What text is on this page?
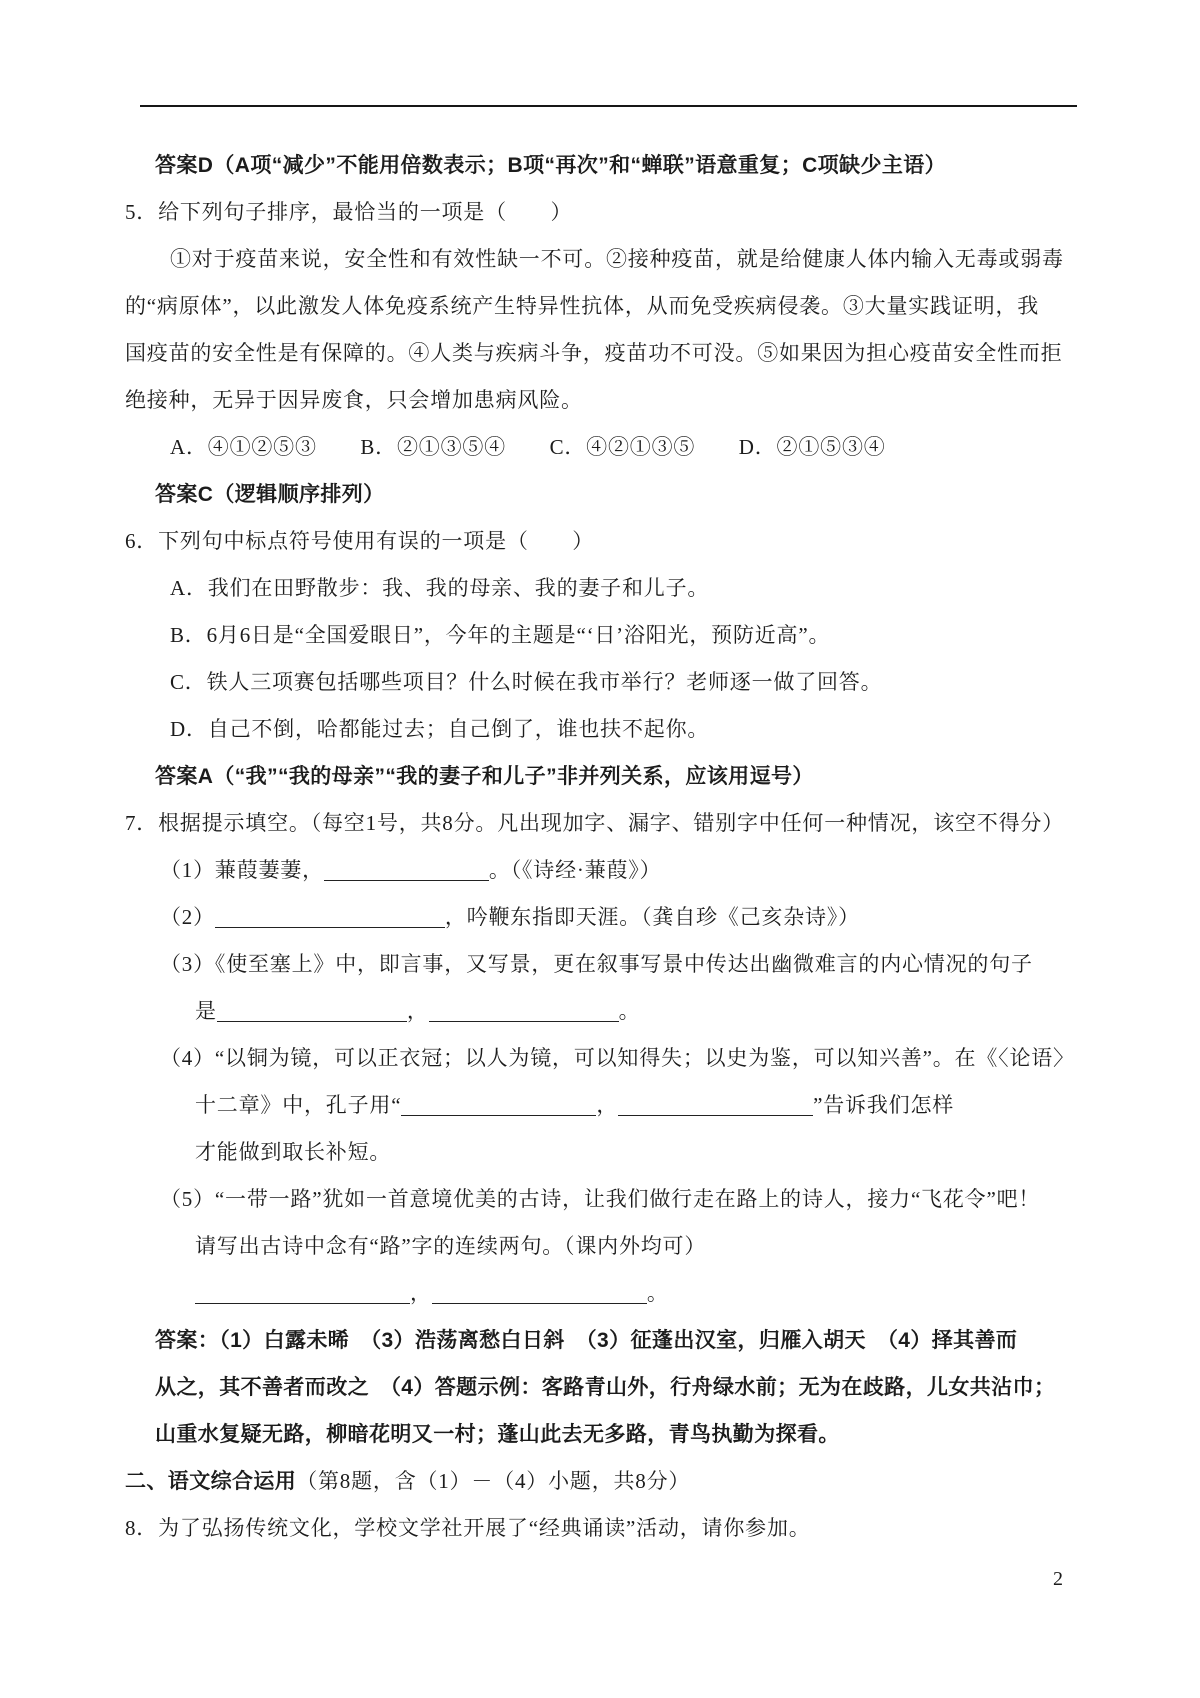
答案D（A项“减少”不能用倍数表示；B项“再次”和“蝉联”语意重复；C项缺少主语）
5．给下列句子排序，最恰当的一项是（　　）
①对于疫苗来说，安全性和有效性缺一不可。②接种疫苗，就是给健康人体内输入无毒或弱毒
的“病原体”，以此激发人体免疫系统产生特异性抗体，从而免受疾病侵袭。③大量实践证明，我
国疫苗的安全性是有保障的。④人类与疾病斗争，疫苗功不可没。⑤如果因为担心疫苗安全性而拒
绝接种，无异于因异废食，只会增加患病风险。
A．④①②⑤③　　B．②①③⑤④　　C．④②①③⑤　　D．②①⑤③④
答案C（逻辑顺序排列）
6．下列句中标点符号使用有误的一项是（　　）
A．我们在田野散步：我、我的母亲、我的妻子和儿子。
B．6月6日是“全国爱眼日”，今年的主题是“‘日’浴阳光，预防近高”。
C．铁人三项赛包括哪些项目？什么时候在我市举行？老师逐一做了回答。
D．自己不倒，哈都能过去；自己倒了，谁也扶不起你。
答案A（“我”“我的母亲”“我的妻子和儿子”非并列关系，应该用逗号）
7．根据提示填空。（每空1号，共8分。凡出现加字、漏字、错别字中任何一种情况，该空不得分）
（1）蒹葭萋萋，	。（《诗经·蒹葭》）
（2）	，吟鞭东指即天涯。（龚自珍《己亥杂诗》）
（3）《使至塞上》中，即言事，又写景，更在叙事写景中传达出幽微难言的内心情况的句子
是	，	。
（4）“以铜为镜，可以正衣冠；以人为镜，可以知得失；以史为鉴，可以知兴善”。在《〈论语〉
十二章》中，孔子用“	，	”告诉我们怎样
才能做到取长补短。
（5）“一带一路”犹如一首意境优美的古诗，让我们做行走在路上的诗人，接力“飞花令”吧！
请写出古诗中念有“路”字的连续两句。（课内外均可）
，	。
答案：（1）白露未晞　（3）浩荡离愁白日斜　（3）征蓬出汉室，归雁入胡天　（4）择其善而
从之，其不善者而改之　（4）答题示例：客路青山外，行舟绿水前；无为在歧路，儿女共沾巾；
山重水复疑无路，柳暗花明又一村；蓬山此去无多路，青鸟执勤为探看。
二、语文综合运用（第8题，含（1）－（4）小题，共8分）
8．为了弘扬传统文化，学校文学社开展了“经典诵读”活动，请你参加。
2
